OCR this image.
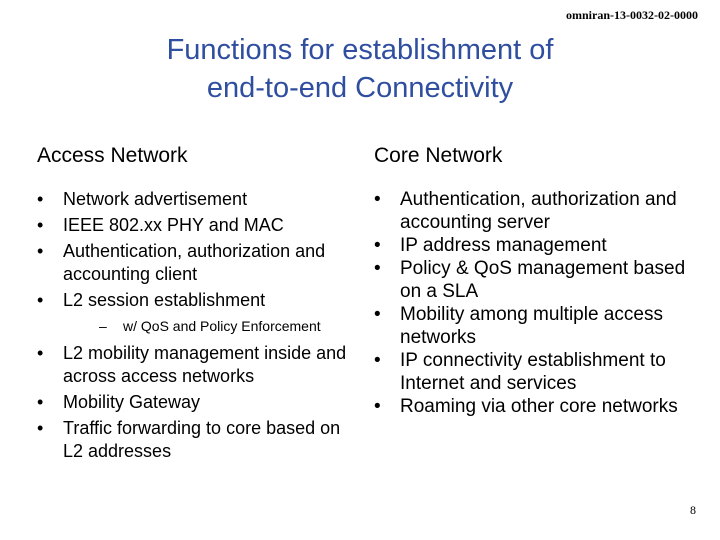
omniran-13-0032-02-0000
Functions for establishment of
end-to-end Connectivity
Access Network
• Network advertisement
• IEEE 802.xx PHY and MAC
• Authentication, authorization and accounting client
• L2 session establishment
– w/ QoS and Policy Enforcement
• L2 mobility management inside and across access networks
• Mobility Gateway
• Traffic forwarding to core based on L2 addresses
Core Network
• Authentication, authorization and accounting server
• IP address management
• Policy & QoS management based on a SLA
• Mobility among multiple access networks
• IP connectivity establishment to Internet and services
• Roaming via other core networks
8
